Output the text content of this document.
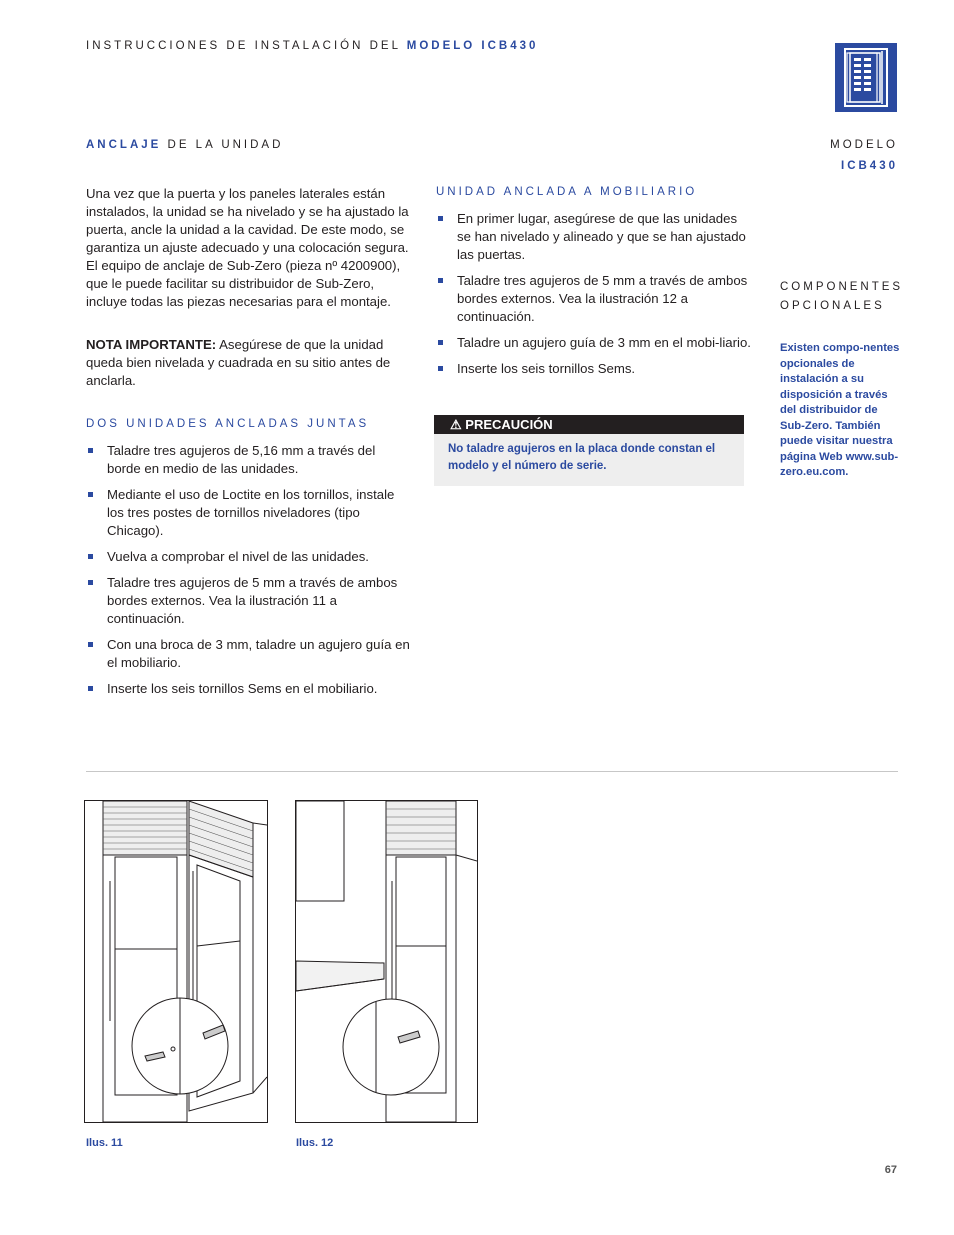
INSTRUCCIONES DE INSTALACIÓN DEL MODELO ICB430
ANCLAJE DE LA UNIDAD	MODELO
ICB430
COMPONENTES
OPCIONALES
Existen compo-nentes opcionales de instalación a su disposición a través del distribuidor de Sub-Zero. También puede visitar nuestra página Web www.sub-zero.eu.com.
Una vez que la puerta y los paneles laterales están instalados, la unidad se ha nivelado y se ha ajustado la puerta, ancle la unidad a la cavidad. De este modo, se garantiza un ajuste adecuado y una colocación segura. El equipo de anclaje de Sub-Zero (pieza nº 4200900), que le puede facilitar su distribuidor de Sub-Zero, incluye todas las piezas necesarias para el montaje.
NOTA IMPORTANTE: Asegúrese de que la unidad queda bien nivelada y cuadrada en su sitio antes de anclarla.
DOS UNIDADES ANCLADAS JUNTAS
Taladre tres agujeros de 5,16 mm a través del borde en medio de las unidades.
Mediante el uso de Loctite en los tornillos, instale los tres postes de tornillos niveladores (tipo Chicago).
Vuelva a comprobar el nivel de las unidades.
Taladre tres agujeros de 5 mm a través de ambos bordes externos. Vea la ilustración 11 a continuación.
Con una broca de 3 mm, taladre un agujero guía en el mobiliario.
Inserte los seis tornillos Sems en el mobiliario.
UNIDAD ANCLADA A MOBILIARIO
En primer lugar, asegúrese de que las unidades se han nivelado y alineado y que se han ajustado las puertas.
Taladre tres agujeros de 5 mm a través de ambos bordes externos. Vea la ilustración 12 a continuación.
Taladre un agujero guía de 3 mm en el mobi-liario.
Inserte los seis tornillos Sems.
⚠ PRECAUCIÓN
No taladre agujeros en la placa donde constan el modelo y el número de serie.
Ilus. 11	Ilus. 12
67
